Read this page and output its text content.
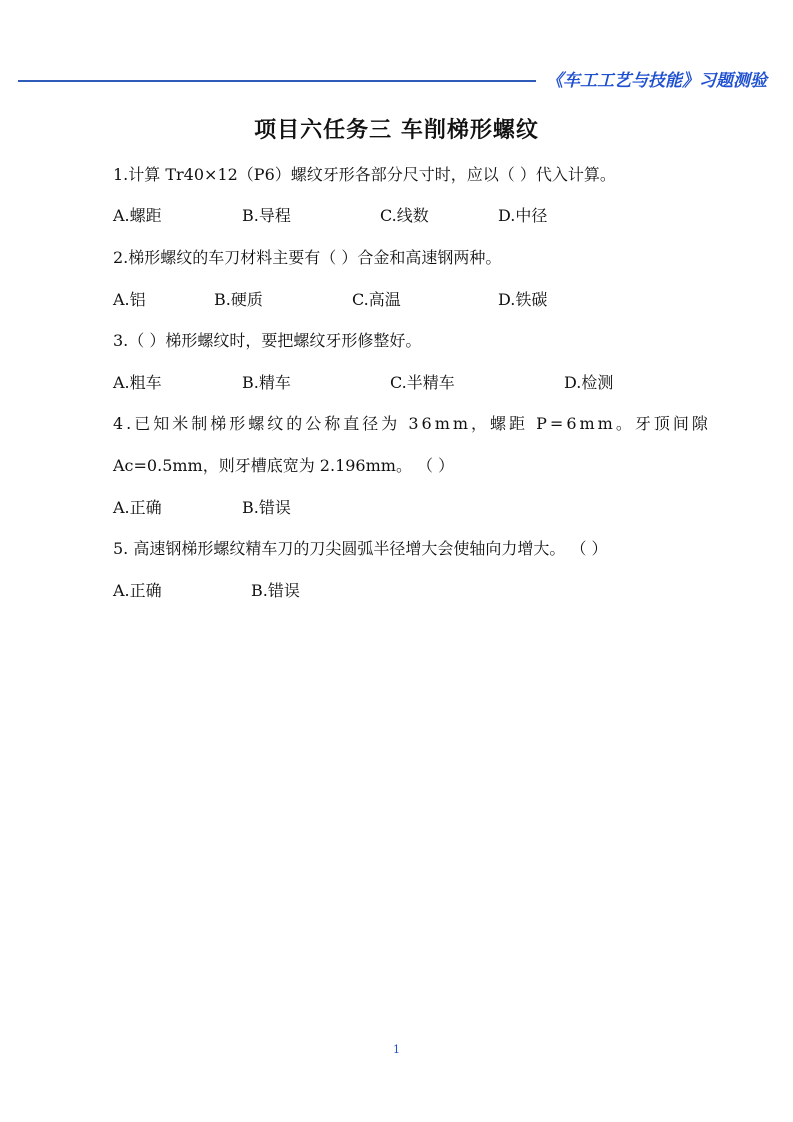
《车工工艺与技能》习题测验
项目六任务三 车削梯形螺纹
1.计算 Tr40×12（P6）螺纹牙形各部分尺寸时，应以（ ）代入计算。
A.螺距	B.导程	C.线数	D.中径
2.梯形螺纹的车刀材料主要有（ ）合金和高速钢两种。
A.铝	B.硬质	C.高温	D.铁碳
3.（ ）梯形螺纹时，要把螺纹牙形修整好。
A.粗车	B.精车	C.半精车	D.检测
4.已知米制梯形螺纹的公称直径为 36mm，螺距 P=6mm。牙顶间隙
Ac=0.5mm，则牙槽底宽为 2.196mm。 （ ）
A.正确	B.错误
5. 高速钢梯形螺纹精车刀的刀尖圆弧半径增大会使轴向力增大。 （ ）
A.正确	B.错误
1
